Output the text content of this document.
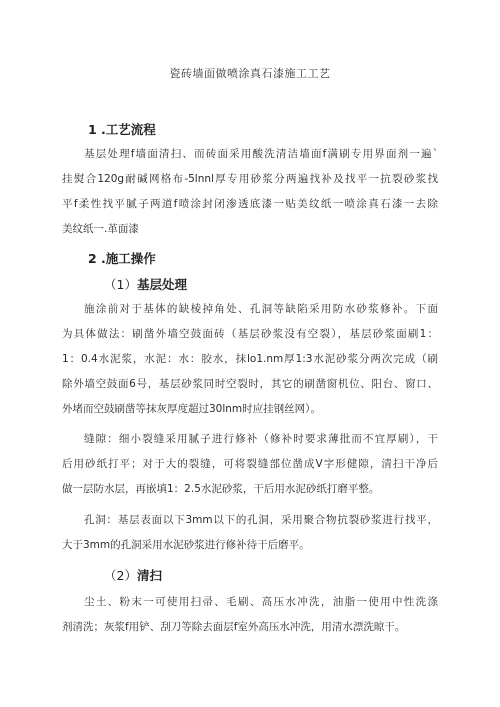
瓷砖墙面做喷涂真石漆施工工艺
1 .工艺流程
基层处理f墙面清扫、而砖面采用酸洗清洁墙面f满刷专用界面剂一遍`
挂熨合120g耐碱网格布-5lnnl厚专用砂浆分两遍找补及找平一抗裂砂浆找
平f柔性找平腻子两道f喷涂封闭渗透底漆一贴美纹纸一喷涂真石漆一去除
美纹纸一.革面漆
2 .施工操作
（1）基层处理
施涂前对于基体的缺棱掉角处、孔洞等缺陷采用防水砂浆修补。下面
为具体做法：刷凿外墙空鼓面砖（基层砂浆没有空裂），基层砂浆面刷1：
1：0.4水泥浆，水泥：水：胶水，抹lo1.nm厚1:3水泥砂浆分两次完成（刷
除外墙空鼓面6号，基层砂浆同时空裂时，其它的刷凿窗机位、阳台、窗口、
外堵而空鼓刷凿等抹灰厚度超过30lnm时应挂钢丝网）。
缝隙：细小裂缝采用腻子进行修补（修补时要求薄批而不宜厚刷），干
后用砂纸打平；对于大的裂缝，可将裂缝部位凿成V字形健隙，清扫干净后
做一层防水层，再嵌填1：2.5水泥砂浆，干后用水泥砂纸打磨平整。
孔洞：基层表面以下3mm以下的孔洞，采用聚合物抗裂砂浆进行找平，
大于3mm的孔洞采用水泥砂浆进行修补待干后磨平。
（2）清扫
尘土、粉末一可使用扫帚、毛刷、高压水冲洗，油脂一使用中性洗涤
剂清洗；灰浆f用铲、刮刀等除去面层f室外高压水冲洗，用清水漂洗晾干。
